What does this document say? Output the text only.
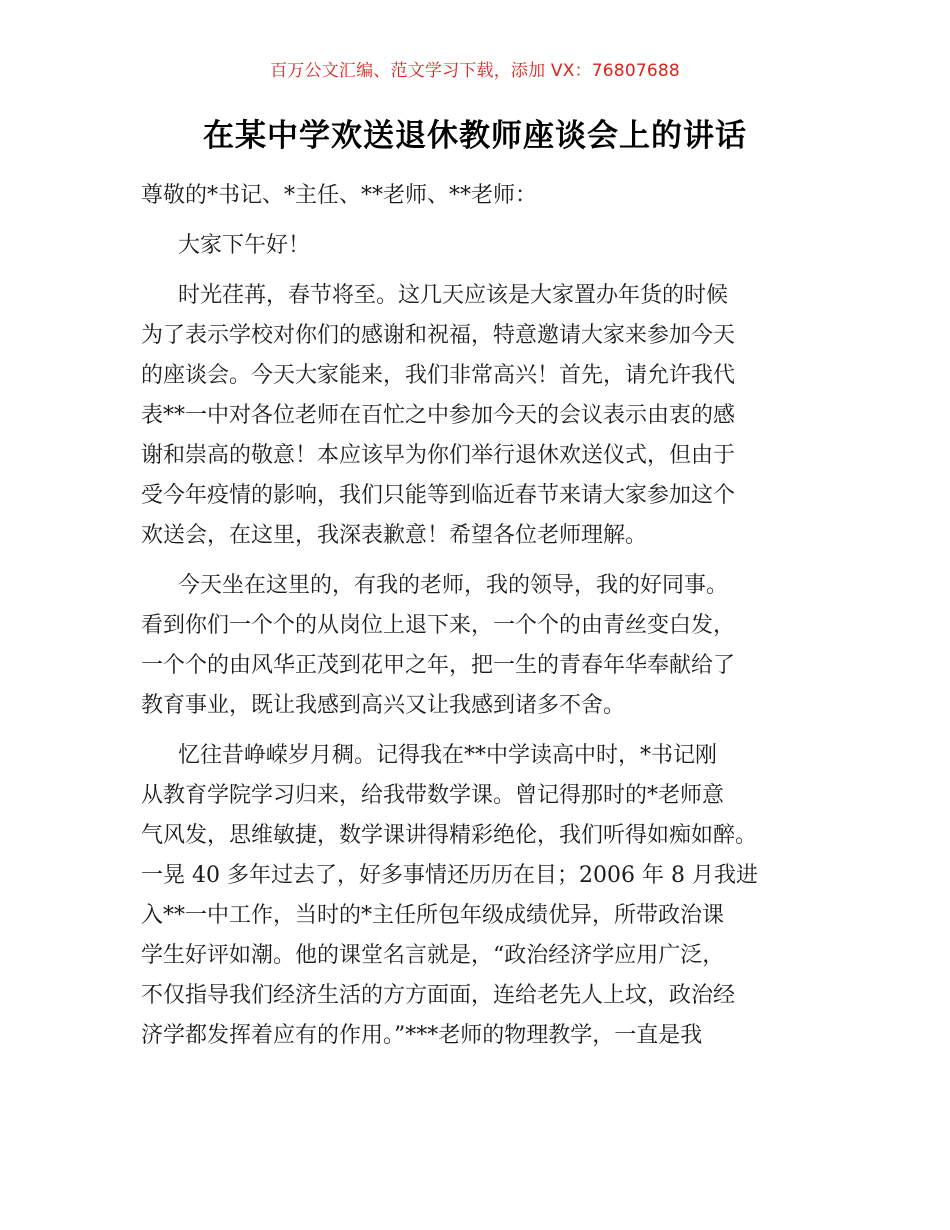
百万公文汇编、范文学习下载，添加 VX：76807688
在某中学欢送退休教师座谈会上的讲话

尊敬的*书记、*主任、**老师、**老师：

大家下午好！

时光荏苒，春节将至。这几天应该是大家置办年货的时候
为了表示学校对你们的感谢和祝福，特意邀请大家来参加今天
的座谈会。今天大家能来，我们非常高兴！首先，请允许我代
表**一中对各位老师在百忙之中参加今天的会议表示由衷的感
谢和崇高的敬意！本应该早为你们举行退休欢送仪式，但由于
受今年疫情的影响，我们只能等到临近春节来请大家参加这个
欢送会，在这里，我深表歉意！希望各位老师理解。

今天坐在这里的，有我的老师，我的领导，我的好同事。
看到你们一个个的从岗位上退下来，一个个的由青丝变白发，
一个个的由风华正茂到花甲之年，把一生的青春年华奉献给了
教育事业，既让我感到高兴又让我感到诸多不舍。

忆往昔峥嵘岁月稠。记得我在**中学读高中时，*书记刚
从教育学院学习归来，给我带数学课。曾记得那时的*老师意
气风发，思维敏捷，数学课讲得精彩绝伦，我们听得如痴如醉。
一晃 40 多年过去了，好多事情还历历在目；2006 年 8 月我进
入**一中工作，当时的*主任所包年级成绩优异，所带政治课
学生好评如潮。他的课堂名言就是，“政治经济学应用广泛，
不仅指导我们经济生活的方方面面，连给老先人上坟，政治经
济学都发挥着应有的作用。”***老师的物理教学，一直是我
